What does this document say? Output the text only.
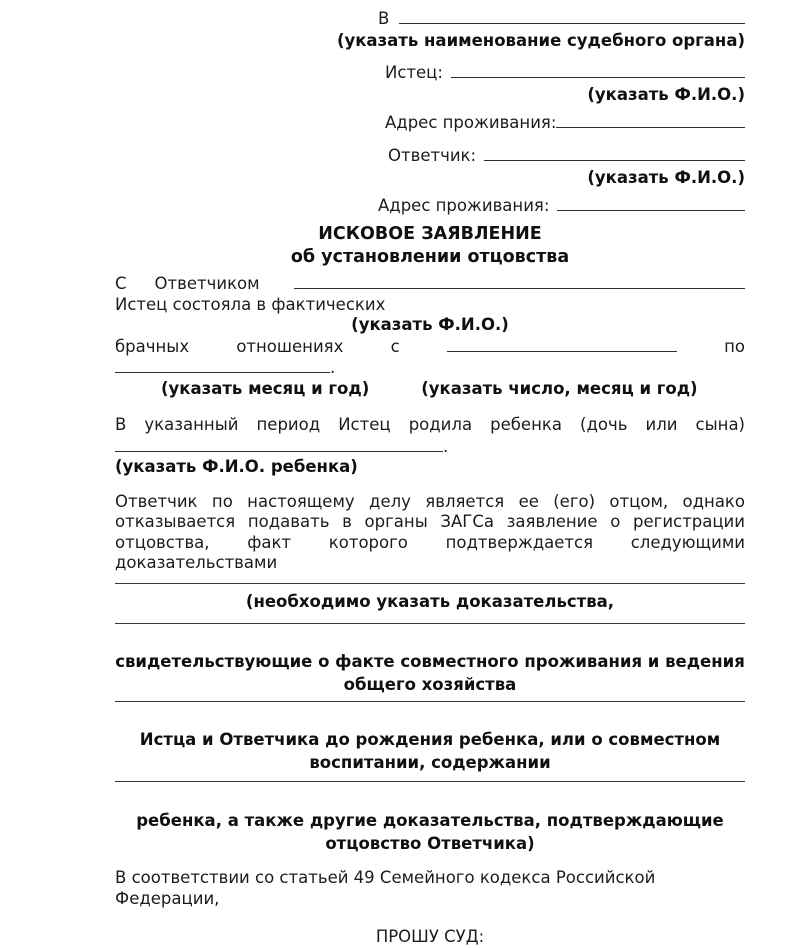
В
(указать наименование судебного органа)
Истец:
(указать Ф.И.О.)
Адрес проживания:
Ответчик:
(указать Ф.И.О.)
Адрес проживания:
ИСКОВОЕ ЗАЯВЛЕНИЕ
об установлении отцовства
С Ответчиком
Истец состояла в фактических
(указать Ф.И.О.)
брачных	отношениях	с	по
.
(указать месяц и год)	(указать число, месяц и год)
В указанный период Истец родила ребенка (дочь или сына)
.
(указать Ф.И.О. ребенка)
Ответчик по настоящему делу является ее (его) отцом, однако
отказывается подавать в органы ЗАГСа заявление о регистрации
отцовства, факт которого подтверждается следующими доказательствами
(необходимо указать доказательства,
свидетельствующие о факте совместного проживания и ведения
общего хозяйства
Истца и Ответчика до рождения ребенка, или о совместном
воспитании, содержании
ребенка, а также другие доказательства, подтверждающие
отцовство Ответчика)
В соответствии со статьей 49 Семейного кодекса Российской Федерации,
ПРОШУ СУД:
